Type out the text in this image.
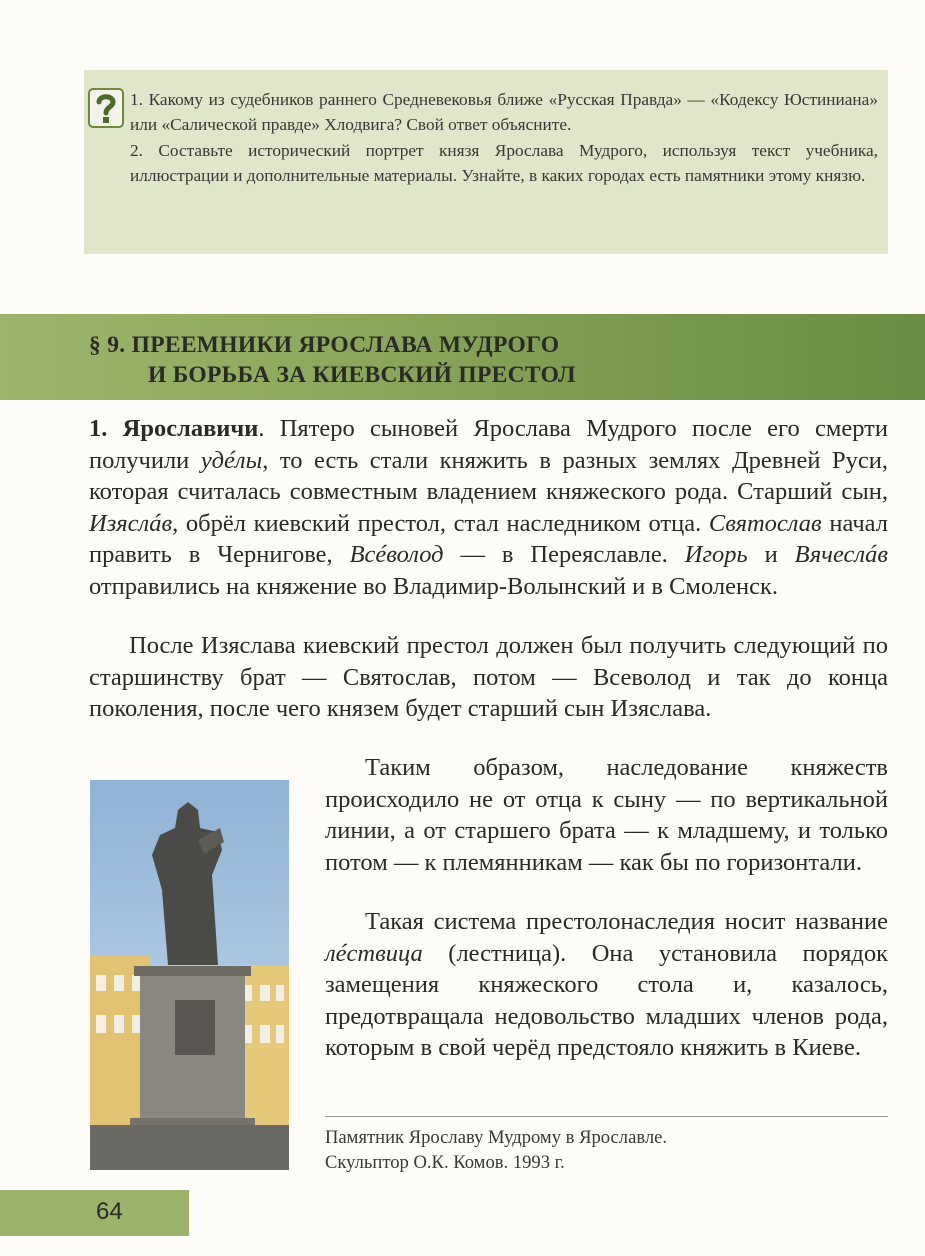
1. Какому из судебников раннего Средневековья ближе «Русская Правда» — «Кодексу Юстиниана» или «Салической правде» Хлодвига? Свой ответ объясните.

2. Составьте исторический портрет князя Ярослава Мудрого, используя текст учебника, иллюстрации и дополнительные материалы. Узнайте, в каких городах есть памятники этому князю.

§ 9. ПРЕЕМНИКИ ЯРОСЛАВА МУДРОГО
И БОРЬБА ЗА КИЕВСКИЙ ПРЕСТОЛ

1. Ярославичи. Пятеро сыновей Ярослава Мудрого после его смерти получили удéлы, то есть стали княжить в разных землях Древней Руси, которая считалась совместным владением княжеского рода. Старший сын, Изяслáв, обрёл киевский престол, стал наследником отца. Святослав начал править в Чернигове, Всéволод — в Переяславле. Игорь и Вячеслáв отправились на княжение во Владимир-Волынский и в Смоленск.

После Изяслава киевский престол должен был получить следующий по старшинству брат — Святослав, потом — Всеволод и так до конца поколения, после чего князем будет старший сын Изяслава.

Таким образом, наследование княжеств происходило не от отца к сыну — по вертикальной линии, а от старшего брата — к младшему, и только потом — к племянникам — как бы по горизонтали.

Такая система престолонаследия носит название лéствица (лестница). Она установила порядок замещения княжеского стола и, казалось, предотвращала недовольство младших членов рода, которым в свой черёд предстояло княжить в Киеве.

Памятник Ярославу Мудрому в Ярославле.
Скульптор О.К. Комов. 1993 г.
64
